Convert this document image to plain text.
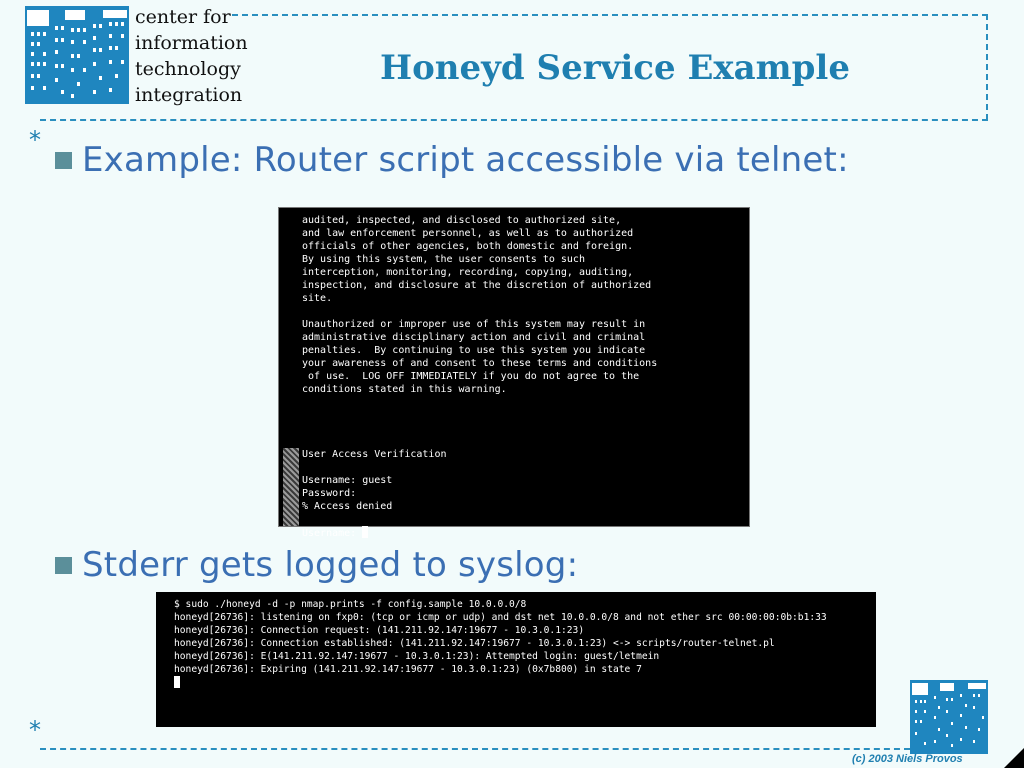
center for
information
technology
integration
Honeyd Service Example
*
*
Example: Router script accessible via telnet:
audited, inspected, and disclosed to authorized site,
and law enforcement personnel, as well as to authorized
officials of other agencies, both domestic and foreign.
By using this system, the user consents to such
interception, monitoring, recording, copying, auditing,
inspection, and disclosure at the discretion of authorized
site.

Unauthorized or improper use of this system may result in
administrative disciplinary action and civil and criminal
penalties.  By continuing to use this system you indicate
your awareness of and consent to these terms and conditions
of use.  LOG OFF IMMEDIATELY if you do not agree to the
conditions stated in this warning.

User Access Verification

Username: guest
Password:
% Access denied

Username:
Stderr gets logged to syslog:
$ sudo ./honeyd -d -p nmap.prints -f config.sample 10.0.0.0/8
honeyd[26736]: listening on fxp0: (tcp or icmp or udp) and dst net 10.0.0.0/8 and not ether src 00:00:00:0b:b1:33
honeyd[26736]: Connection request: (141.211.92.147:19677 - 10.3.0.1:23)
honeyd[26736]: Connection established: (141.211.92.147:19677 - 10.3.0.1:23) <-> scripts/router-telnet.pl
honeyd[26736]: E(141.211.92.147:19677 - 10.3.0.1:23): Attempted login: guest/letmein
honeyd[26736]: Expiring (141.211.92.147:19677 - 10.3.0.1:23) (0x7b800) in state 7

(c) 2003 Niels Provos
